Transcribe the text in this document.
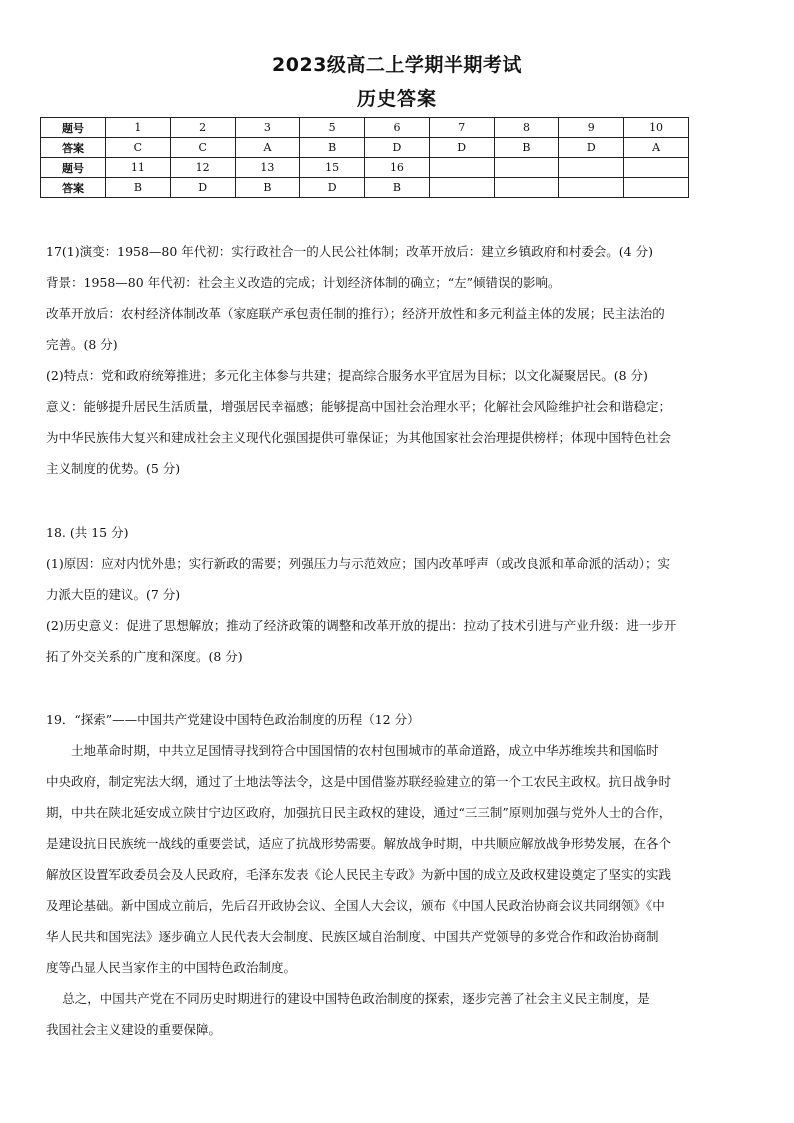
2023级高二上学期半期考试
历史答案
题号	1	2	3	5	6	7	8	9	10
答案	C	C	A	B	D	D	B	D	A
题号	11	12	13	15	16				
答案	B	D	B	D	B				

17(1)演变：1958—80 年代初：实行政社合一的人民公社体制；改革开放后：建立乡镇政府和村委会。(4 分)

背景：1958—80 年代初：社会主义改造的完成；计划经济体制的确立；“左”倾错误的影响。

改革开放后：农村经济体制改革（家庭联产承包责任制的推行）；经济开放性和多元利益主体的发展；民主法治的

完善。(8 分)

(2)特点：党和政府统筹推进；多元化主体参与共建；提高综合服务水平宜居为目标；以文化凝聚居民。(8 分)

意义：能够提升居民生活质量，增强居民幸福感；能够提高中国社会治理水平；化解社会风险维护社会和谐稳定；

为中华民族伟大复兴和建成社会主义现代化强国提供可靠保证；为其他国家社会治理提供榜样；体现中国特色社会

主义制度的优势。(5 分)

18. (共 15 分)

(1)原因：应对内忧外患；实行新政的需要；列强压力与示范效应；国内改革呼声（或改良派和革命派的活动）；实

力派大臣的建议。(7 分)

(2)历史意义：促进了思想解放；推动了经济政策的调整和改革开放的提出：拉动了技术引进与产业升级：进一步开

拓了外交关系的广度和深度。(8 分)

19．“探索”——中国共产党建设中国特色政治制度的历程（12 分）

土地革命时期，中共立足国情寻找到符合中国国情的农村包围城市的革命道路，成立中华苏维埃共和国临时

中央政府，制定宪法大纲，通过了土地法等法令，这是中国借鉴苏联经验建立的第一个工农民主政权。抗日战争时

期，中共在陕北延安成立陕甘宁边区政府，加强抗日民主政权的建设，通过“三三制”原则加强与党外人士的合作，

是建设抗日民族统一战线的重要尝试，适应了抗战形势需要。解放战争时期，中共顺应解放战争形势发展，在各个

解放区设置军政委员会及人民政府，毛泽东发表《论人民民主专政》为新中国的成立及政权建设奠定了坚实的实践

及理论基础。新中国成立前后，先后召开政协会议、全国人大会议，颁布《中国人民政治协商会议共同纲领》《中

华人民共和国宪法》逐步确立人民代表大会制度、民族区域自治制度、中国共产党领导的多党合作和政治协商制

度等凸显人民当家作主的中国特色政治制度。

总之，中国共产党在不同历史时期进行的建设中国特色政治制度的探索，逐步完善了社会主义民主制度，是

我国社会主义建设的重要保障。
